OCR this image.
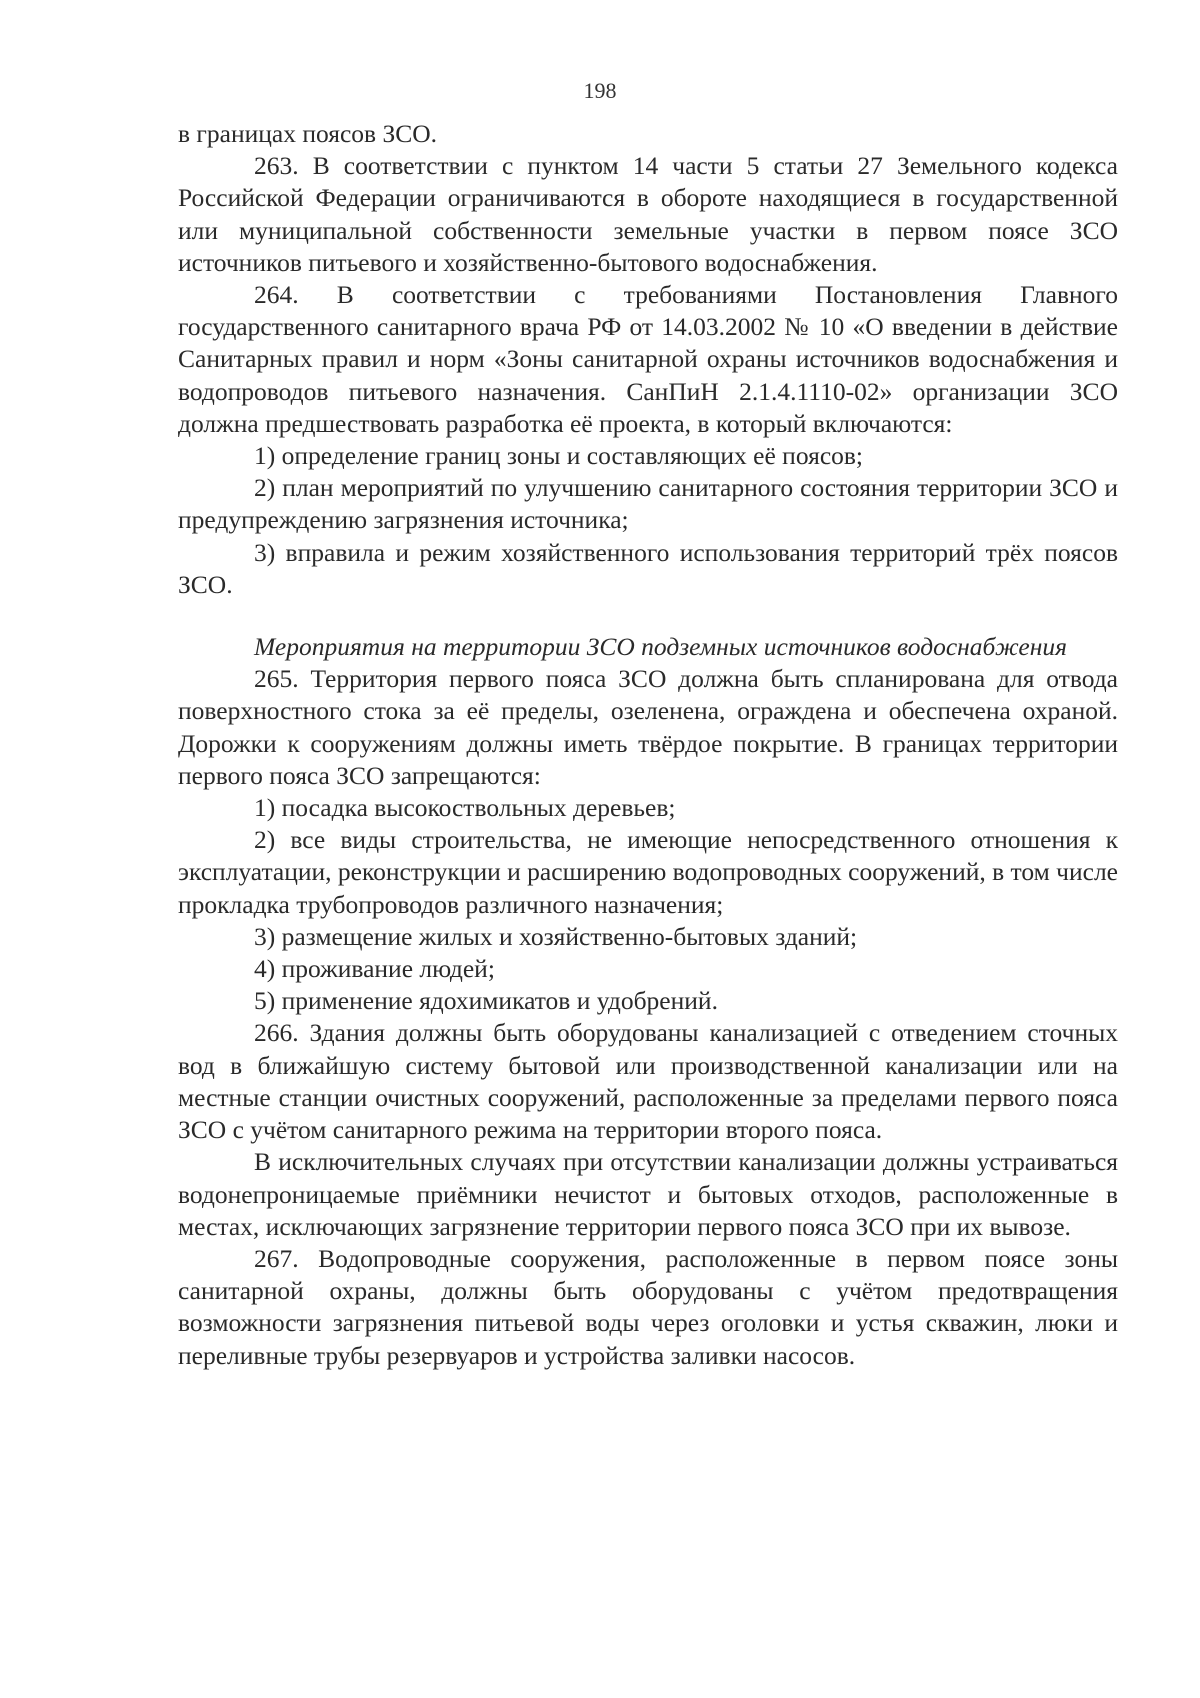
198

в границах поясов ЗСО.

263. В соответствии с пунктом 14 части 5 статьи 27 Земельного кодекса Российской Федерации ограничиваются в обороте находящиеся в государственной или муниципальной собственности земельные участки в первом поясе ЗСО источников питьевого и хозяйственно-бытового водоснабжения.

264. В соответствии с требованиями Постановления Главного государственного санитарного врача РФ от 14.03.2002 № 10 «О введении в действие Санитарных правил и норм «Зоны санитарной охраны источников водоснабжения и водопроводов питьевого назначения. СанПиН 2.1.4.1110-02» организации ЗСО должна предшествовать разработка её проекта, в который включаются:

1) определение границ зоны и составляющих её поясов;

2) план мероприятий по улучшению санитарного состояния территории ЗСО и предупреждению загрязнения источника;

3) вправила и режим хозяйственного использования территорий трёх поясов ЗСО.

Мероприятия на территории ЗСО подземных источников водоснабжения

265. Территория первого пояса ЗСО должна быть спланирована для отвода поверхностного стока за её пределы, озеленена, ограждена и обеспечена охраной. Дорожки к сооружениям должны иметь твёрдое покрытие. В границах территории первого пояса ЗСО запрещаются:

1) посадка высокоствольных деревьев;

2) все виды строительства, не имеющие непосредственного отношения к эксплуатации, реконструкции и расширению водопроводных сооружений, в том числе прокладка трубопроводов различного назначения;

3) размещение жилых и хозяйственно-бытовых зданий;

4) проживание людей;

5) применение ядохимикатов и удобрений.

266. Здания должны быть оборудованы канализацией с отведением сточных вод в ближайшую систему бытовой или производственной канализации или на местные станции очистных сооружений, расположенные за пределами первого пояса ЗСО с учётом санитарного режима на территории второго пояса.

В исключительных случаях при отсутствии канализации должны устраиваться водонепроницаемые приёмники нечистот и бытовых отходов, расположенные в местах, исключающих загрязнение территории первого пояса ЗСО при их вывозе.

267. Водопроводные сооружения, расположенные в первом поясе зоны санитарной охраны, должны быть оборудованы с учётом предотвращения возможности загрязнения питьевой воды через оголовки и устья скважин, люки и переливные трубы резервуаров и устройства заливки насосов.
